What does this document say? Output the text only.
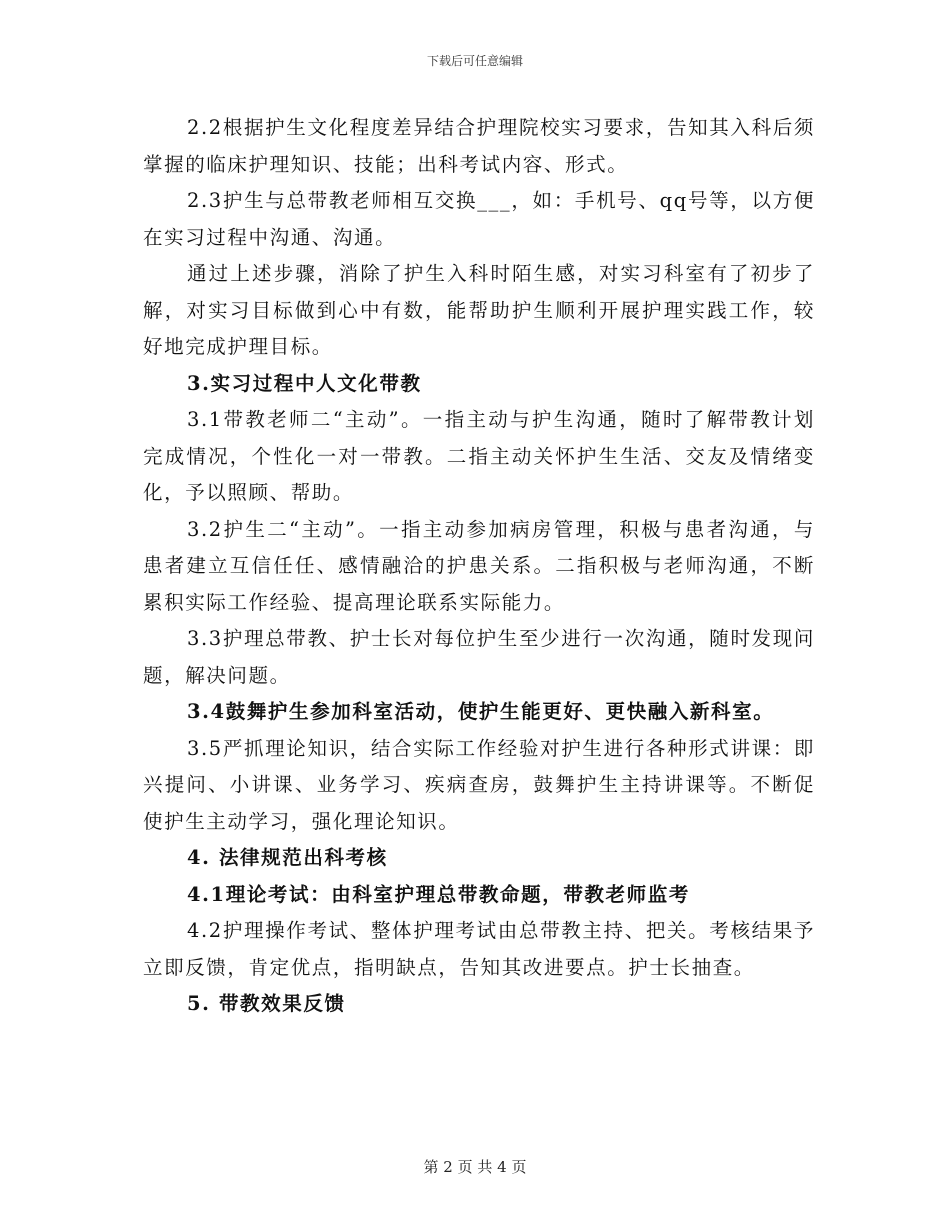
下载后可任意编辑

2.2根据护生文化程度差异结合护理院校实习要求，告知其入科后须掌握的临床护理知识、技能；出科考试内容、形式。

2.3护生与总带教老师相互交换___，如：手机号、qq号等，以方便在实习过程中沟通、沟通。

通过上述步骤，消除了护生入科时陌生感，对实习科室有了初步了解，对实习目标做到心中有数，能帮助护生顺利开展护理实践工作，较好地完成护理目标。

3.实习过程中人文化带教

3.1带教老师二“主动”。一指主动与护生沟通，随时了解带教计划完成情况，个性化一对一带教。二指主动关怀护生生活、交友及情绪变化，予以照顾、帮助。

3.2护生二“主动”。一指主动参加病房管理，积极与患者沟通，与患者建立互信任任、感情融洽的护患关系。二指积极与老师沟通，不断累积实际工作经验、提高理论联系实际能力。

3.3护理总带教、护士长对每位护生至少进行一次沟通，随时发现问题，解决问题。

3.4鼓舞护生参加科室活动，使护生能更好、更快融入新科室。

3.5严抓理论知识，结合实际工作经验对护生进行各种形式讲课：即兴提问、小讲课、业务学习、疾病查房，鼓舞护生主持讲课等。不断促使护生主动学习，强化理论知识。

4. 法律规范出科考核

4.1理论考试：由科室护理总带教命题，带教老师监考

4.2护理操作考试、整体护理考试由总带教主持、把关。考核结果予立即反馈，肯定优点，指明缺点，告知其改进要点。护士长抽查。

5. 带教效果反馈

第 2 页 共 4 页
